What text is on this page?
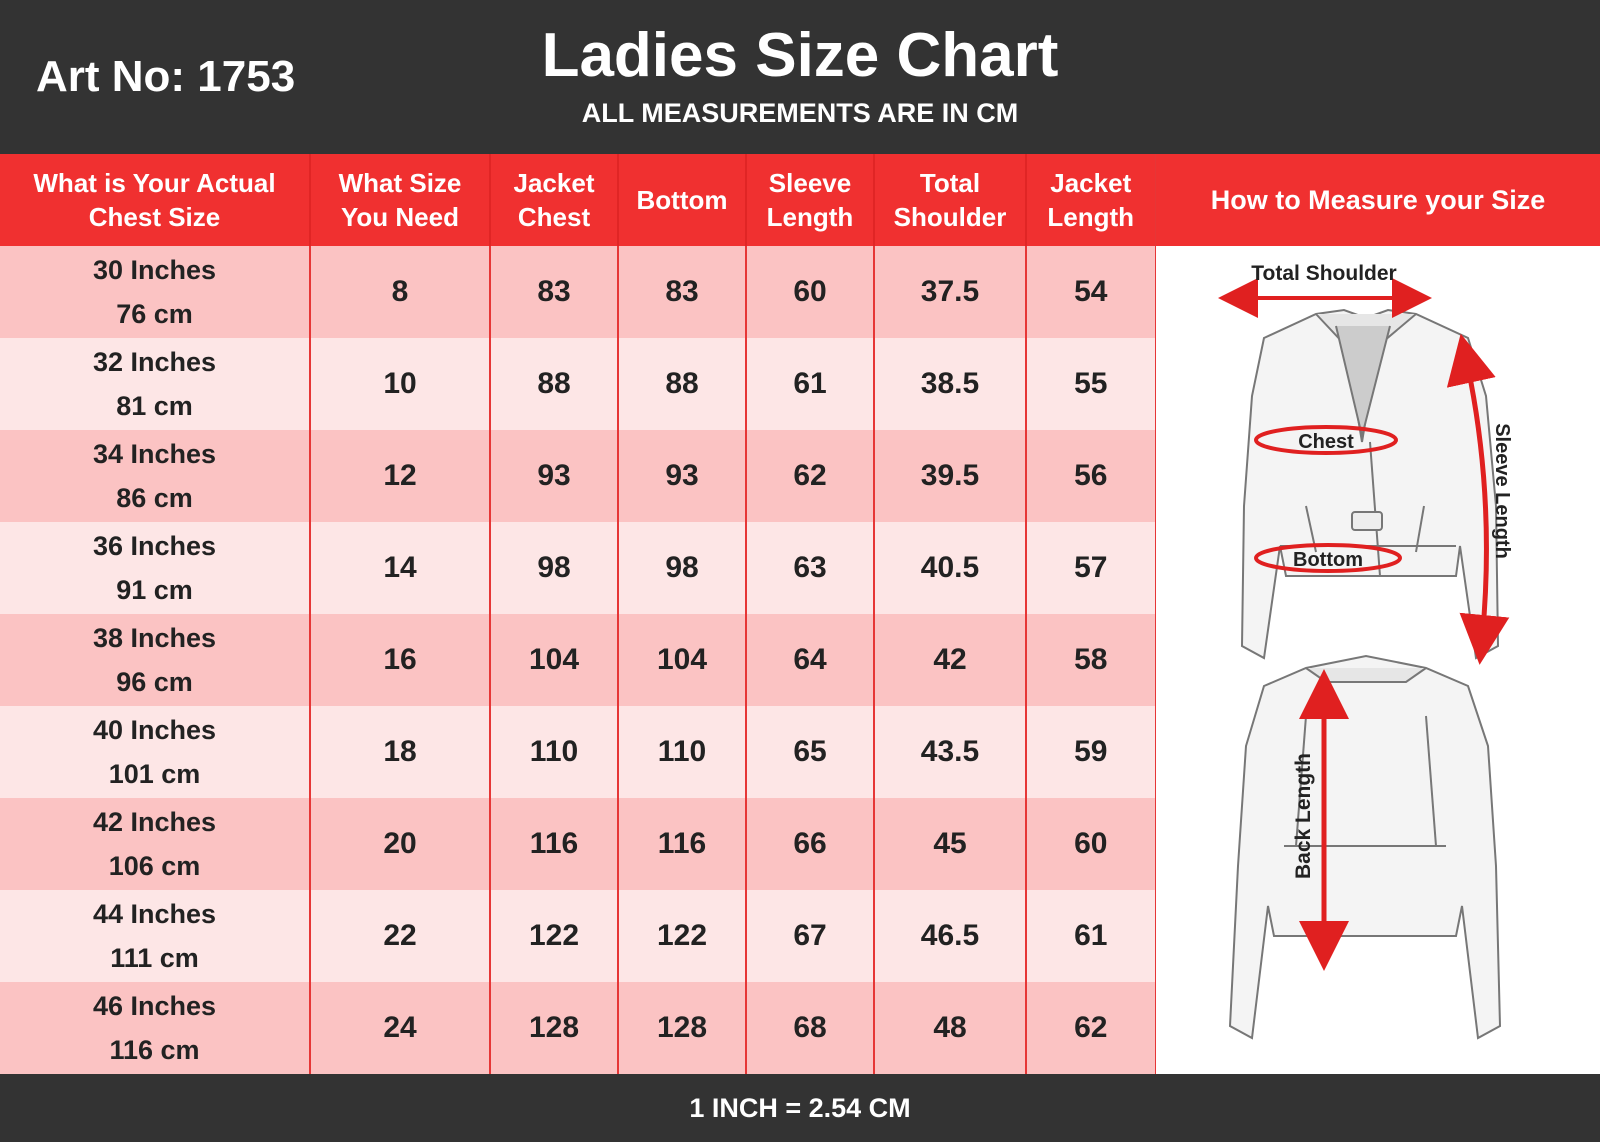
Art No: 1753	Ladies Size Chart
ALL MEASUREMENTS ARE IN CM
What is Your Actual Chest Size	What Size You Need	Jacket Chest	Bottom	Sleeve Length	Total Shoulder	Jacket Length

30 Inches
76 cm	8	83	83	60	37.5	54

32 Inches
81 cm	10	88	88	61	38.5	55

34 Inches
86 cm	12	93	93	62	39.5	56

36 Inches
91 cm	14	98	98	63	40.5	57

38 Inches
96 cm	16	104	104	64	42	58

40 Inches
101 cm	18	110	110	65	43.5	59

42 Inches
106 cm	20	116	116	66	45	60

44 Inches
111 cm	22	122	122	67	46.5	61

46 Inches
116 cm	24	128	128	68	48	62
How to Measure your Size
Total Shoulder
Chest
Bottom
Sleeve Length
Back Length
1 INCH = 2.54 CM
